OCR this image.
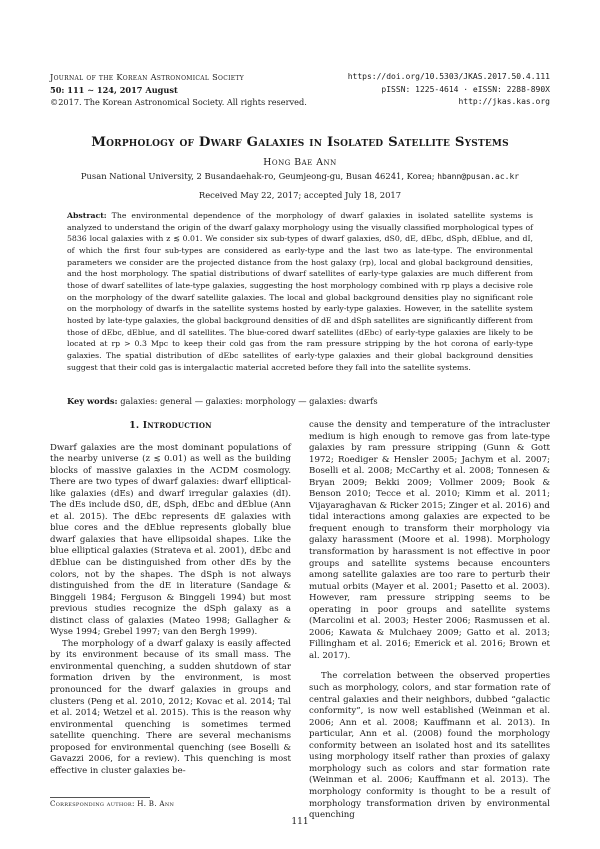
Journal of the Korean Astronomical Society
50: 111 ∼ 124, 2017 August
©2017. The Korean Astronomical Society. All rights reserved.
https://doi.org/10.5303/JKAS.2017.50.4.111
pISSN: 1225-4614 · eISSN: 2288-890X
http://jkas.kas.org
Morphology of Dwarf Galaxies in Isolated Satellite Systems
Hong Bae Ann
Pusan National University, 2 Busandaehak-ro, Geumjeong-gu, Busan 46241, Korea; hbann@pusan.ac.kr
Received May 22, 2017; accepted July 18, 2017
Abstract: The environmental dependence of the morphology of dwarf galaxies in isolated satellite systems is analyzed to understand the origin of the dwarf galaxy morphology using the visually classified morphological types of 5836 local galaxies with z ≲ 0.01. We consider six sub-types of dwarf galaxies, dS0, dE, dEbc, dSph, dEblue, and dI, of which the first four sub-types are considered as early-type and the last two as late-type. The environmental parameters we consider are the projected distance from the host galaxy (rp), local and global background densities, and the host morphology. The spatial distributions of dwarf satellites of early-type galaxies are much different from those of dwarf satellites of late-type galaxies, suggesting the host morphology combined with rp plays a decisive role on the morphology of the dwarf satellite galaxies. The local and global background densities play no significant role on the morphology of dwarfs in the satellite systems hosted by early-type galaxies. However, in the satellite system hosted by late-type galaxies, the global background densities of dE and dSph satellites are significantly different from those of dEbc, dEblue, and dI satellites. The blue-cored dwarf satellites (dEbc) of early-type galaxies are likely to be located at rp > 0.3 Mpc to keep their cold gas from the ram pressure stripping by the hot corona of early-type galaxies. The spatial distribution of dEbc satellites of early-type galaxies and their global background densities suggest that their cold gas is intergalactic material accreted before they fall into the satellite systems.
Key words: galaxies: general — galaxies: morphology — galaxies: dwarfs

1. Introduction

Dwarf galaxies are the most dominant populations of the nearby universe (z ≲ 0.01) as well as the building blocks of massive galaxies in the ΛCDM cosmology. There are two types of dwarf galaxies: dwarf elliptical-like galaxies (dEs) and dwarf irregular galaxies (dI). The dEs include dS0, dE, dSph, dEbc and dEblue (Ann et al. 2015). The dEbc represents dE galaxies with blue cores and the dEblue represents globally blue dwarf galaxies that have ellipsoidal shapes. Like the blue elliptical galaxies (Strateva et al. 2001), dEbc and dEblue can be distinguished from other dEs by the colors, not by the shapes. The dSph is not always distinguished from the dE in literature (Sandage & Binggeli 1984; Ferguson & Binggeli 1994) but most previous studies recognize the dSph galaxy as a distinct class of galaxies (Mateo 1998; Gallagher & Wyse 1994; Grebel 1997; van den Bergh 1999).

The morphology of a dwarf galaxy is easily affected by its environment because of its small mass. The environmental quenching, a sudden shutdown of star formation driven by the environment, is most pronounced for the dwarf galaxies in groups and clusters (Peng et al. 2010, 2012; Kovac et al. 2014; Tal et al. 2014; Wetzel et al. 2015). This is the reason why environmental quenching is sometimes termed satellite quenching. There are several mechanisms proposed for environmental quenching (see Boselli & Gavazzi 2006, for a review). This quenching is most effective in cluster galaxies be-

cause the density and temperature of the intracluster medium is high enough to remove gas from late-type galaxies by ram pressure stripping (Gunn & Gott 1972; Roediger & Hensler 2005; Jachym et al. 2007; Boselli et al. 2008; McCarthy et al. 2008; Tonnesen & Bryan 2009; Bekki 2009; Vollmer 2009; Book & Benson 2010; Tecce et al. 2010; Kimm et al. 2011; Vijayaraghavan & Ricker 2015; Zinger et al. 2016) and tidal interactions among galaxies are expected to be frequent enough to transform their morphology via galaxy harassment (Moore et al. 1998). Morphology transformation by harassment is not effective in poor groups and satellite systems because encounters among satellite galaxies are too rare to perturb their mutual orbits (Mayer et al. 2001; Pasetto et al. 2003). However, ram pressure stripping seems to be operating in poor groups and satellite systems (Marcolini et al. 2003; Hester 2006; Rasmussen et al. 2006; Kawata & Mulchaey 2009; Gatto et al. 2013; Fillingham et al. 2016; Emerick et al. 2016; Brown et al. 2017).

The correlation between the observed properties such as morphology, colors, and star formation rate of central galaxies and their neighbors, dubbed “galactic conformity”, is now well established (Weinman et al. 2006; Ann et al. 2008; Kauffmann et al. 2013). In particular, Ann et al. (2008) found the morphology conformity between an isolated host and its satellites using morphology itself rather than proxies of galaxy morphology such as colors and star formation rate (Weinman et al. 2006; Kauffmann et al. 2013). The morphology conformity is thought to be a result of morphology transformation driven by environmental quenching

Corresponding author: H. B. Ann
111
